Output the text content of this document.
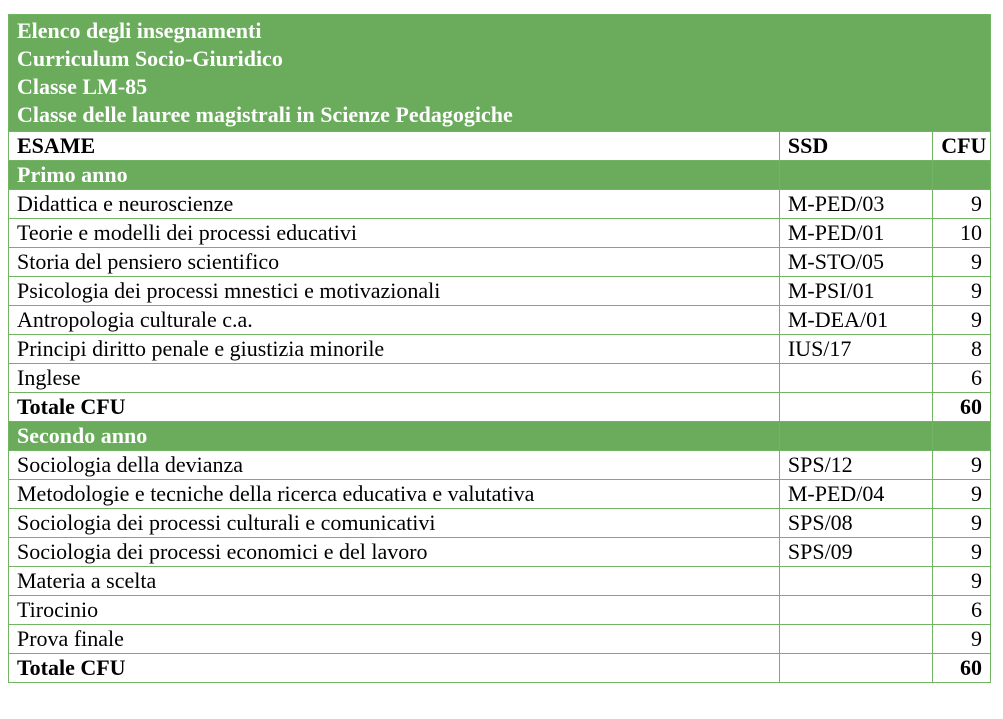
Elenco degli insegnamenti
Curriculum Socio-Giuridico
Classe LM-85
Classe delle lauree magistrali in Scienze Pedagogiche		

ESAME	SSD	CFU
Primo anno		
Didattica e neuroscienze	M-PED/03	9
Teorie e modelli dei processi educativi	M-PED/01	10
Storia del pensiero scientifico	M-STO/05	9
Psicologia dei processi mnestici e motivazionali	M-PSI/01	9
Antropologia culturale c.a.	M-DEA/01	9
Principi diritto penale e giustizia minorile	IUS/17	8
Inglese		6
Totale CFU		60
Secondo anno		
Sociologia della devianza	SPS/12	9
Metodologie e tecniche della ricerca educativa e valutativa	M-PED/04	9
Sociologia dei processi culturali e comunicativi	SPS/08	9
Sociologia dei processi economici e del lavoro	SPS/09	9
Materia a scelta		9
Tirocinio		6
Prova finale		9
Totale CFU		60
